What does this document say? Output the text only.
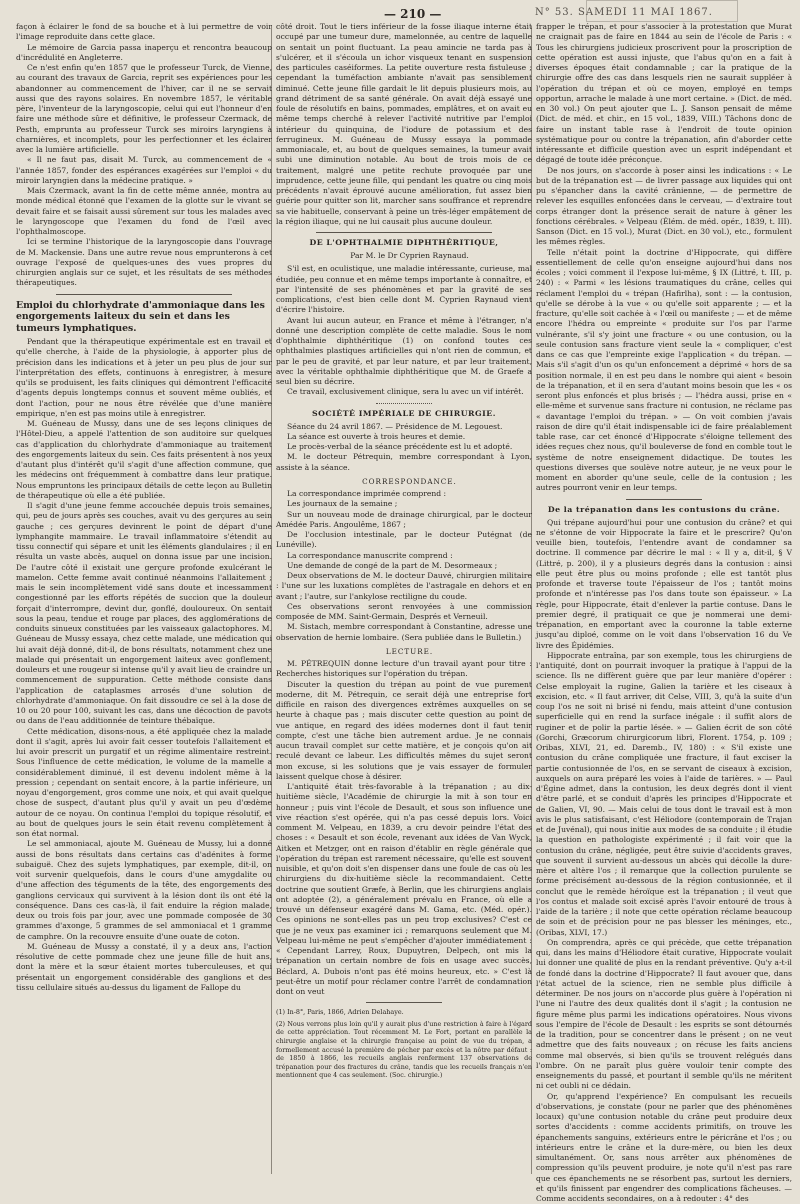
— 210 —	N° 53. SAMEDI 11 MAI 1867.

façon à éclairer le fond de sa bouche et à lui permettre de voir l'image reproduite dans cette glace.

Le mémoire de Garcia passa inaperçu et rencontra beaucoup d'incrédulité en Angleterre.

Ce n'est enfin qu'en 1857 que le professeur Turck, de Vienne, au courant des travaux de Garcia, reprit ses expériences pour les abandonner au commencement de l'hiver, car il ne se servait aussi que des rayons solaires. En novembre 1857, le véritable père, l'inventeur de la laryngoscopie, celui qui eut l'honneur d'en faire une méthode sûre et définitive, le professeur Czermack, de Pesth, emprunta au professeur Turck ses miroirs laryngiens à charnières, et incomplets, pour les perfectionner et les éclairer avec la lumière artificielle.

« Il ne faut pas, disait M. Turck, au commencement de « l'année 1857, fonder des espérances exagérées sur l'emploi « du miroir laryngien dans la médecine pratique. »

Mais Czermack, avant la fin de cette même année, montra au monde médical étonné que l'examen de la glotte sur le vivant se devait faire et se faisait aussi sûrement sur tous les malades avec le laryngoscope que l'examen du fond de l'œil avec l'ophthalmoscope.

Ici se termine l'historique de la laryngoscopie dans l'ouvrage de M. Mackensie. Dans une autre revue nous emprunterons à cet ouvrage l'exposé de quelques-unes des vues propres du chirurgien anglais sur ce sujet, et les résultats de ses méthodes thérapeutiques.

Emploi du chlorhydrate d'ammoniaque dans les engorgements laiteux du sein et dans les tumeurs lymphatiques.

Pendant que la thérapeutique expérimentale est en travail et qu'elle cherche, à l'aide de la physiologie, à apporter plus de précision dans les indications et à jeter un peu plus de jour sur l'interprétation des effets, continuons à enregistrer, à mesure qu'ils se produisent, les faits cliniques qui démontrent l'efficacité d'agents depuis longtemps connus et souvent même oubliés, et dont l'action, pour ne nous être révélée que d'une manière empirique, n'en est pas moins utile à enregistrer.

M. Guéneau de Mussy, dans une de ses leçons cliniques de l'Hôtel-Dieu, a appelé l'attention de son auditoire sur quelques cas d'application du chlorhydrate d'ammoniaque au traitement des engorgements laiteux du sein. Ces faits présentent à nos yeux d'autant plus d'intérêt qu'il s'agit d'une affection commune, que les médecins ont fréquemment à combattre dans leur pratique. Nous empruntons les principaux détails de cette leçon au Bulletin de thérapeutique où elle a été publiée.

Il s'agit d'une jeune femme accouchée depuis trois semaines, qui, peu de jours après ses couches, avait vu des gerçures au sein gauche ; ces gerçures devinrent le point de départ d'une lymphangite mammaire. Le travail inflammatoire s'étendit au tissu connectif qui sépare et unit les éléments glandulaires ; il en résulta un vaste abcès, auquel on donna issue par une incision. De l'autre côté il existait une gerçure profonde exulcérant le mamelon. Cette femme avait continué néanmoins l'allaitement ; mais le sein incomplètement vidé sans doute et incessamment congestionné par les efforts répétés de succion que la douleur forçait d'interrompre, devint dur, gonflé, douloureux. On sentait sous la peau, tendue et rouge par places, des agglomérations de conduits sinueux constituées par les vaisseaux galactophores. M. Guéneau de Mussy essaya, chez cette malade, une médication qui lui avait déjà donné, dit-il, de bons résultats, notamment chez une malade qui présentait un engorgement laiteux avec gonflement, douleurs et une rougeur si intense qu'il y avait lieu de craindre un commencement de suppuration. Cette méthode consiste dans l'application de cataplasmes arrosés d'une solution de chlorhydrate d'ammoniaque. On fait dissoudre ce sel à la dose de 10 ou 20 pour 100, suivant les cas, dans une décoction de pavots ou dans de l'eau additionnée de teinture thébaïque.

Cette médication, disons-nous, a été appliquée chez la malade dont il s'agit, après lui avoir fait cesser toutefois l'allaitement et lui avoir prescrit un purgatif et un régime alimentaire restreint. Sous l'influence de cette médication, le volume de la mamelle a considérablement diminué, il est devenu indolent même à la pression ; cependant on sentait encore, à la partie inférieure, un noyau d'engorgement, gros comme une noix, et qui avait quelque chose de suspect, d'autant plus qu'il y avait un peu d'œdème autour de ce noyau. On continua l'emploi du topique résolutif, et au bout de quelques jours le sein était revenu complètement à son état normal.

Le sel ammoniacal, ajoute M. Guéneau de Mussy, lui a donné aussi de bons résultats dans certains cas d'adénites à forme subaiguë. Chez des sujets lymphatiques, par exemple, dit-il, on voit survenir quelquefois, dans le cours d'une amygdalite ou d'une affection des téguments de la tête, des engorgements des ganglions cervicaux qui survivent à la lésion dont ils ont été la conséquence. Dans ces cas-là, il fait enduire la région malade, deux ou trois fois par jour, avec une pommade composée de 30 grammes d'axonge, 5 grammes de sel ammoniacal et 1 gramme de camphre. On la recouvre ensuite d'une ouate de coton.

M. Guéneau de Mussy a constaté, il y a deux ans, l'action résolutive de cette pommade chez une jeune fille de huit ans, dont la mère et la sœur étaient mortes tuberculeuses, et qui présentait un engorgement considérable des ganglions et des tissu cellulaire situés au-dessus du ligament de Fallope du

côté droit. Tout le tiers inférieur de la fosse iliaque interne était occupé par une tumeur dure, mamelonnée, au centre de laquelle on sentait un point fluctuant. La peau amincie ne tarda pas à s'ulcérer, et il s'écoula un ichor visqueux tenant en suspension des particules caséiformes. La petite ouverture resta fistuleuse ; cependant la tuméfaction ambiante n'avait pas sensiblement diminué. Cette jeune fille gardait le lit depuis plusieurs mois, au grand détriment de sa santé générale. On avait déjà essayé une foule de résolutifs en bains, pommades, emplâtres, et on avait eu même temps cherché à relever l'activité nutritive par l'emploi intérieur du quinquina, de l'iodure de potassium et des ferrugineux. M. Guéneau de Mussy essaya la pommade ammoniacale, et, au bout de quelques semaines, la tumeur avait subi une diminution notable. Au bout de trois mois de ce traitement, malgré une petite rechute provoquée par une imprudence, cette jeune fille, qui pendant les quatre ou cinq mois précédents n'avait éprouvé aucune amélioration, fut assez bien guérie pour quitter son lit, marcher sans souffrance et reprendre sa vie habituelle, conservant à peine un très-léger empâtement de la région iliaque, qui ne lui causait plus aucune douleur.

DE L'OPHTHALMIE DIPHTHÉRITIQUE,

Par M. le Dr Cyprien Raynaud.

S'il est, en oculistique, une maladie intéressante, curieuse, mal étudiée, peu connue et en même temps importante à connaître, et par l'intensité de ses phénomènes et par la gravité de ses complications, c'est bien celle dont M. Cyprien Raynaud vient d'écrire l'histoire.

Avant lui aucun auteur, en France et même à l'étranger, n'a donné une description complète de cette maladie. Sous le nom d'ophthalmie diphthéritique (1) on confond toutes ces ophthalmies plastiques artificielles qui n'ont rien de commun, et par le peu de gravité, et par leur nature, et par leur traitement, avec la véritable ophthalmie diphthéritique que M. de Graefe a seul bien su décrire.

Ce travail, exclusivement clinique, sera lu avec un vif intérêt.

SOCIÉTÉ IMPÉRIALE DE CHIRURGIE.

Séance du 24 avril 1867. — Présidence de M. Legouest.

La séance est ouverte à trois heures et demie.

Le procès-verbal de la séance précédente est lu et adopté.

M. le docteur Pétrequin, membre correspondant à Lyon, assiste à la séance.

CORRESPONDANCE.

La correspondance imprimée comprend :

Les journaux de la semaine ;

Sur un nouveau mode de drainage chirurgical, par le docteur Amédée Paris. Angoulême, 1867 ;

De l'occlusion intestinale, par le docteur Putégnat (de Lunéville).

La correspondance manuscrite comprend :

Une demande de congé de la part de M. Desormeaux ;

Deux observations de M. le docteur Dauvé, chirurgien militaire : l'une sur les luxations complètes de l'astragale en dehors et en avant ; l'autre, sur l'ankylose rectiligne du coude.

Ces observations seront renvoyées à une commission composée de MM. Saint-Germain, Després et Verneuil.

M. Sistach, membre correspondant à Constantine, adresse une observation de hernie lombaire. (Sera publiée dans le Bulletin.)

LECTURE.

M. PÉTREQUIN donne lecture d'un travail ayant pour titre : Recherches historiques sur l'opération du trépan.

Discuter la question du trépan au point de vue purement moderne, dit M. Pétrequin, ce serait déjà une entreprise fort difficile en raison des divergences extrêmes auxquelles on se heurte à chaque pas ; mais discuter cette question au point de vue antique, en regard des idées modernes dont il faut tenir compte, c'est une tâche bien autrement ardue. Je ne connais aucun travail complet sur cette matière, et je conçois qu'on ait reculé devant ce labeur. Les difficultés mêmes du sujet seront mon excuse, si les solutions que je vais essayer de formuler laissent quelque chose à désirer.

L'antiquité était très-favorable à la trépanation ; au dix-huitième siècle, l'Académie de chirurgie la mit à son tour en honneur ; puis vint l'école de Desault, et sous son influence une vive réaction s'est opérée, qui n'a pas cessé depuis lors. Voici comment M. Velpeau, en 1839, a cru devoir peindre l'état des choses : « Desault et son école, revenant aux idées de Van Wyck, Aitken et Metzger, ont en raison d'établir en règle générale que l'opération du trépan est rarement nécessaire, qu'elle est souvent nuisible, et qu'on doit s'en dispenser dans une foule de cas où les chirurgiens du dix-huitième siècle la recommandaient. Cette doctrine que soutient Græfe, à Berlin, que les chirurgiens anglais ont adoptée (2), a généralement prévalu en France, où elle a trouvé un défenseur exagéré dans M. Gama, etc. (Méd. opér.). Ces opinions ne sont-elles pas un peu trop exclusives? C'est ce que je ne veux pas examiner ici ; remarquons seulement que M. Velpeau lui-même ne peut s'empêcher d'ajouter immédiatement : « Cependant Larrey, Roux, Dupuytren, Delpech, ont mis la trépanation un certain nombre de fois en usage avec succès, Béclard, A. Dubois n'ont pas été moins heureux, etc. » C'est là peut-être un motif pour réclamer contre l'arrêt de condamnation dont on veut

(1) In-8°, Paris, 1866, Adrien Delahaye.

(2) Nous verrons plus loin qu'il y aurait plus d'une restriction à faire à l'égard de cette appréciation. Tout récemment M. Le Fort, portant en parallèle la chirurgie anglaise et la chirurgie française au point de vue du trépan, a formellement accusé la première de pécher par excès et la nôtre par défaut : de 1850 à 1866, les recueils anglais renferment 137 observations de trépanation pour des fractures du crâne, tandis que les recueils français n'en mentionnent que 4 cas seulement. (Soc. chirurgie.)

frapper le trépan, et pour s'associer à la protestation que Murat ne craignait pas de faire en 1844 au sein de l'école de Paris : « Tous les chirurgiens judicieux proscrivent pour la proscription de cette opération est aussi injuste, que l'abus qu'on en a fait à diverses époques était condamnable ; car la pratique de la chirurgie offre des cas dans lesquels rien ne saurait suppléer à l'opération du trépan et où ce moyen, employé en temps opportun, arrache le malade à une mort certaine. » (Dict. de méd. en 30 vol.) On peut ajouter que L. J. Sanson pensait de même (Dict. de méd. et chir., en 15 vol., 1839, VIII.) Tâchons donc de faire un instant table rase à l'endroit de toute opinion systématique pour ou contre la trépanation, afin d'aborder cette intéressante et difficile question avec un esprit indépendant et dégagé de toute idée préconçue.

De nos jours, on s'accorde à poser ainsi les indications : « Le but de la trépanation est — de livrer passage aux liquides qui ont pu s'épancher dans la cavité crânienne, — de permettre de relever les esquilles enfoncées dans le cerveau, — d'extraire tout corps étranger dont la présence serait de nature à gêner les fonctions cérébrales. » Velpeau (Élém. de méd. opér., 1839, t. III). Sanson (Dict. en 15 vol.), Murat (Dict. en 30 vol.), etc., formulent les mêmes règles.

Telle n'était point la doctrine d'Hippocrate, qui diffère essentiellement de celle qu'on enseigne aujourd'hui dans nos écoles ; voici comment il l'expose lui-même, § IX (Littré, t. III, p. 240) : « Parmi « les lésions traumatiques du crâne, celles qui réclament l'emploi du « trépan (Hafirlha), sont : — la contusion, qu'elle se dérobe à la vue « ou qu'elle soit apparente ; — et la fracture, qu'elle soit cachée à « l'œil ou manifeste ; — et de même encore l'hédra ou empreinte « produite sur l'os par l'arme vulnérante, s'il s'y joint une fracture « ou une contusion, ou la seule contusion sans fracture vient seule la « compliquer, c'est dans ce cas que l'empreinte exige l'application « du trépan. — Mais s'il s'agit d'un os qu'un enfoncement a déprimé « hors de sa position normale, il en est peu dans le nombre qui aient « besoin de la trépanation, et il en sera d'autant moins besoin que les « os seront plus enfoncés et plus brisés ; — l'hédra aussi, prise en « elle-même et survenue sans fracture ni contusion, ne réclame pas « davantage l'emploi du trépan. » — On voit combien j'avais raison de dire qu'il était indispensable ici de faire préalablement table rase, car cet énoncé d'Hippocrate s'éloigne tellement des idées reçues chez nous, qu'il bouleverse de fond en comble tout le système de notre enseignement didactique. De toutes les questions diverses que soulève notre auteur, je ne veux pour le moment en aborder qu'une seule, celle de la contusion ; les autres pourront venir en leur temps.

De la trépanation dans les contusions du crâne.

Qui trépane aujourd'hui pour une contusion du crâne? et qui ne s'étonne de voir Hippocrate la faire et le prescrire? Qu'on veuille bien, toutefois, l'entendre avant de condamner sa doctrine. Il commence par décrire le mal : « Il y a, dit-il, § V (Littré, p. 200), il y a plusieurs degrés dans la contusion : ainsi elle peut être plus ou moins profonde ; elle est tantôt plus profonde et traverse toute l'épaisseur de l'os ; tantôt moins profonde et n'intéresse pas l'os dans toute son épaisseur. » La règle, pour Hippocrate, était d'enlever la partie contuse. Dans le premier degré, il pratiquait ce que je nommerai une demi-trépanation, en emportant avec la couronne la table externe jusqu'au diploé, comme on le voit dans l'observation 16 du Ve livre des Épidémies.

Hippocrate entraîna, par son exemple, tous les chirurgiens de l'antiquité, dont on pourrait invoquer la pratique à l'appui de la science. Ils ne diffèrent guère que par leur manière d'opérer : Celse employait la rugine, Galien la tarière et les ciseaux à excision, etc. « Il faut arriver, dit Celse, VIII, 3, qu'à la suite d'un coup l'os ne soit ni brisé ni fendu, mais atteint d'une contusion superficielle qui en rend la surface inégale : il suffit alors de ruginer et de polir la partie lésée. » — Galien écrit de son côté (Gorchi, Græcorum chirurgicorum libri, Florent. 1754, p. 109 ; Oribas, XLVI, 21, ed. Daremb., IV, 180) : « S'il existe une contusion du crâne compliquée une fracture, il faut exciser la partie contusionnée de l'os, en se servant de ciseaux à excision, auxquels on aura préparé les voies à l'aide de tarières. » — Paul d'Égine admet, dans la contusion, les deux degrés dont il vient d'être parlé, et se conduit d'après les principes d'Hippocrate et de Galien, VI, 90. — Mais celui de tous dont le travail est à mon avis le plus satisfaisant, c'est Héliodore (contemporain de Trajan et de Juvénal), qui nous initie aux modes de sa conduite ; il étudie la question en pathologiste expérimenté ; il fait voir que la contusion du crâne, négligée, peut être suivie d'accidents graves, que souvent il survient au-dessous un abcès qui décolle la dure-mère et altère l'os ; il remarque que la collection purulente se forme précisément au-dessous de la région contusionnée, et il conclut que le remède héroïque est la trépanation ; il veut que l'os contus et malade soit excisé après l'avoir entouré de trous à l'aide de la tarière ; il note que cette opération réclame beaucoup de soin et de précision pour ne pas blesser les méninges, etc., (Oribas, XLVI, 17.)

On comprendra, après ce qui précède, que cette trépanation qui, dans les mains d'Héliodore était curative, Hippocrate voulait lui donner une qualité de plus en la rendant préventive. Qu'y a-t-il de fondé dans la doctrine d'Hippocrate? Il faut avouer que, dans l'état actuel de la science, rien ne semble plus difficile à déterminer. De nos jours on n'accorde plus guère à l'opération ni l'une ni l'autre des deux qualités dont il s'agit ; la contusion ne figure même plus parmi les indications opératoires. Nous vivons sous l'empire de l'école de Desault : les esprits se sont détournés de la tradition, pour se concentrer dans le présent ; on ne veut admettre que des faits nouveaux ; on récuse les faits anciens comme mal observés, si bien qu'ils se trouvent relégués dans l'ombre. On ne paraît plus guère vouloir tenir compte des enseignements du passé, et pourtant il semble qu'ils ne méritent ni cet oubli ni ce dédain.

Or, qu'apprend l'expérience? En compulsant les recueils d'observations, je constate (pour ne parler que des phénomènes locaux) qu'une contusion notable du crâne peut produire deux sortes d'accidents : comme accidents primitifs, on trouve les épanchements sanguins, extérieurs entre le péricrâne et l'os ; ou intérieurs entre le crâne et la dure-mère, ou bien les deux simultanément. Or, sans nous arrêter aux phénomènes de compression qu'ils peuvent produire, je note qu'il n'est pas rare que ces épanchements ne se résorbent pas, surtout les derniers, et qu'ils finissent par engendrer des complications fâcheuses. — Comme accidents secondaires, on a à redouter : 4° des
